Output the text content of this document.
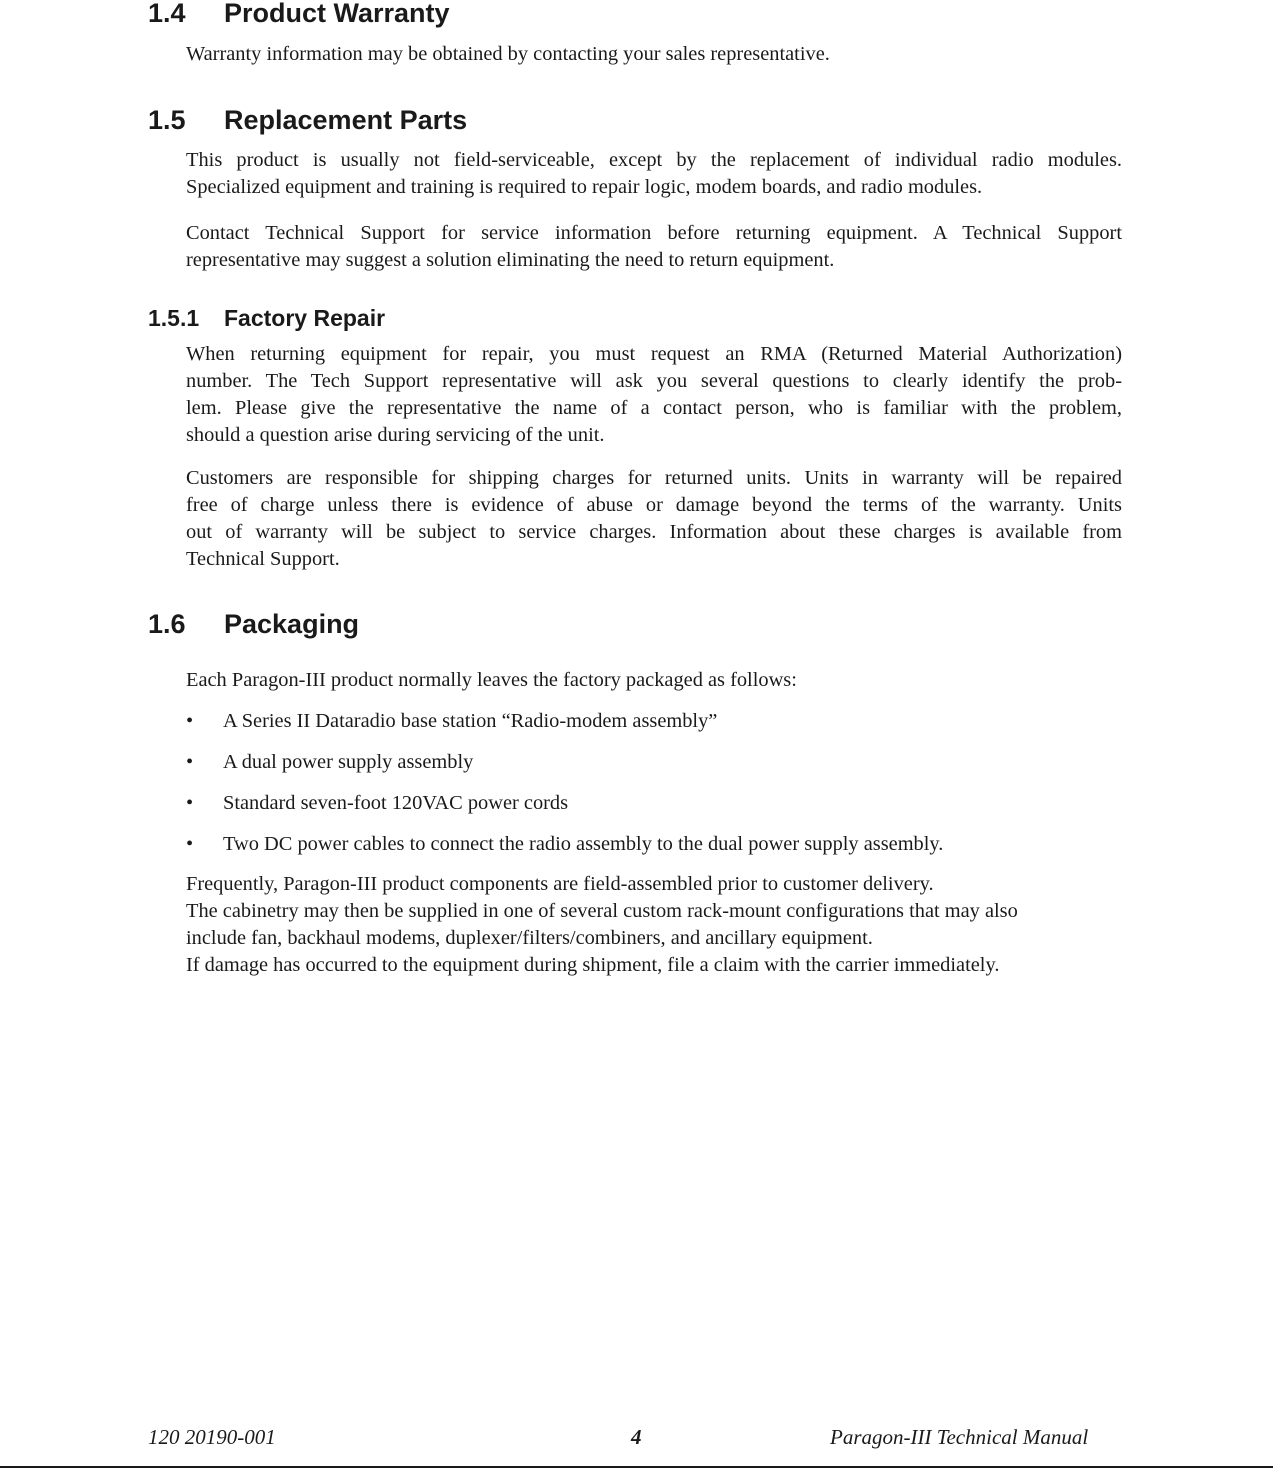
1.4 Product Warranty

Warranty information may be obtained by contacting your sales representative.

1.5 Replacement Parts

This product is usually not field-serviceable, except by the replacement of individual radio modules.
Specialized equipment and training is required to repair logic, modem boards, and radio modules.

Contact Technical Support for service information before returning equipment. A Technical Support
representative may suggest a solution eliminating the need to return equipment.

1.5.1 Factory Repair

When returning equipment for repair, you must request an RMA (Returned Material Authorization)
number. The Tech Support representative will ask you several questions to clearly identify the prob-
lem. Please give the representative the name of a contact person, who is familiar with the problem,
should a question arise during servicing of the unit.

Customers are responsible for shipping charges for returned units. Units in warranty will be repaired
free of charge unless there is evidence of abuse or damage beyond the terms of the warranty. Units
out of warranty will be subject to service charges. Information about these charges is available from
Technical Support.

1.6 Packaging

Each Paragon-III product normally leaves the factory packaged as follows:

• A Series II Dataradio base station “Radio-modem assembly”
• A dual power supply assembly
• Standard seven-foot 120VAC power cords
• Two DC power cables to connect the radio assembly to the dual power supply assembly.

Frequently, Paragon-III product components are field-assembled prior to customer delivery.
The cabinetry may then be supplied in one of several custom rack-mount configurations that may also
include fan, backhaul modems, duplexer/filters/combiners, and ancillary equipment.
If damage has occurred to the equipment during shipment, file a claim with the carrier immediately.

120 20190-001	4	Paragon-III Technical Manual
